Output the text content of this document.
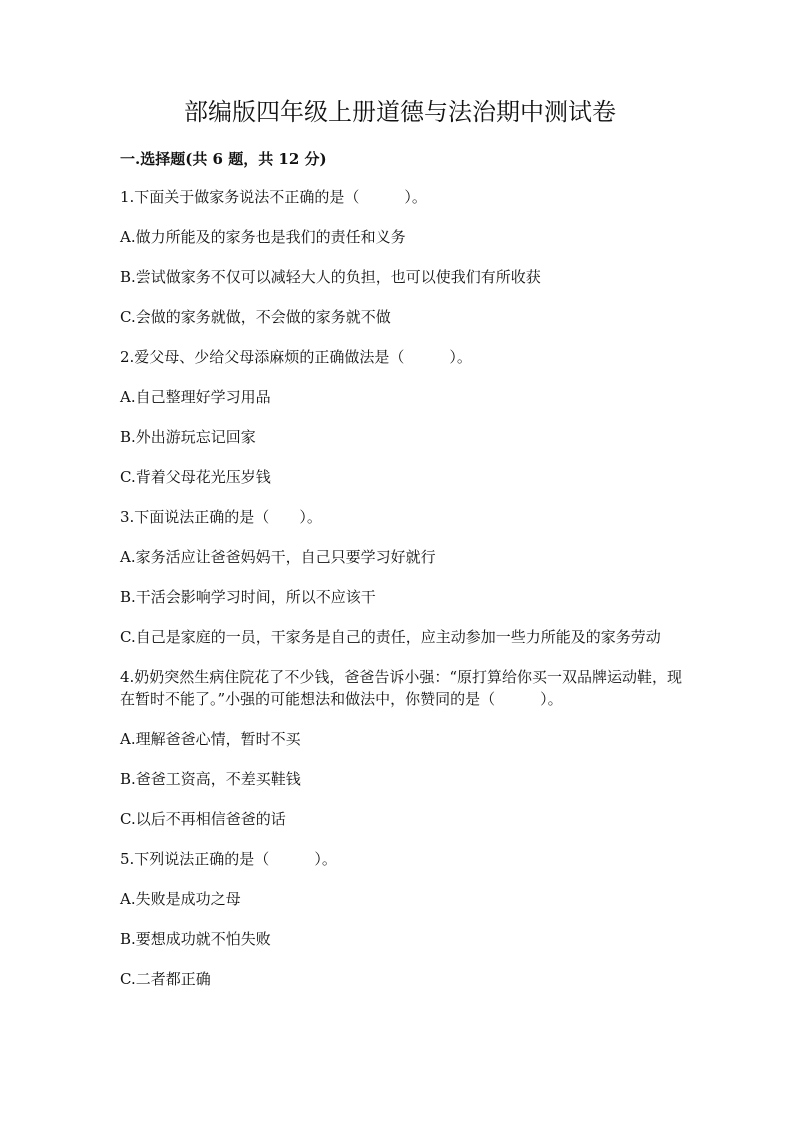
部编版四年级上册道德与法治期中测试卷
一.选择题(共 6 题，共 12 分)

1.下面关于做家务说法不正确的是（　　　）。

A.做力所能及的家务也是我们的责任和义务

B.尝试做家务不仅可以减轻大人的负担，也可以使我们有所收获

C.会做的家务就做，不会做的家务就不做

2.爱父母、少给父母添麻烦的正确做法是（　　　）。

A.自己整理好学习用品

B.外出游玩忘记回家

C.背着父母花光压岁钱

3.下面说法正确的是（　　）。

A.家务活应让爸爸妈妈干，自己只要学习好就行

B.干活会影响学习时间，所以不应该干

C.自己是家庭的一员，干家务是自己的责任，应主动参加一些力所能及的家务劳动

4.奶奶突然生病住院花了不少钱，爸爸告诉小强：“原打算给你买一双品牌运动鞋，现在暂时不能了。”小强的可能想法和做法中，你赞同的是（　　　）。

A.理解爸爸心情，暂时不买

B.爸爸工资高，不差买鞋钱

C.以后不再相信爸爸的话

5.下列说法正确的是（　　　）。

A.失败是成功之母

B.要想成功就不怕失败

C.二者都正确
